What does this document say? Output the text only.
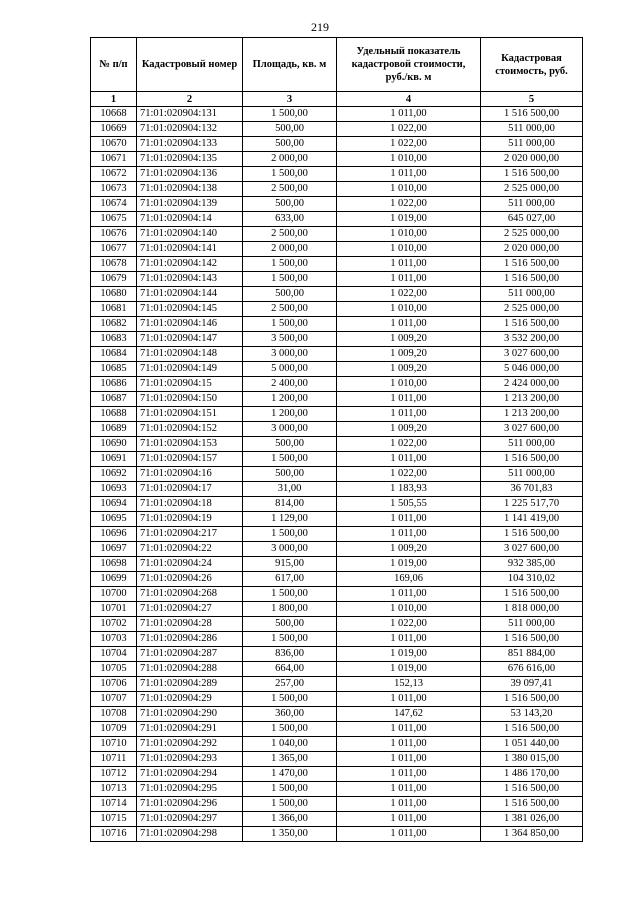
219
№ п/п	Кадастровый номер	Площадь, кв. м	Удельный показатель кадастровой стоимости, руб./кв. м	Кадастровая стоимость, руб.
1	2	3	4	5
10668	71:01:020904:131	1 500,00	1 011,00	1 516 500,00
10669	71:01:020904:132	500,00	1 022,00	511 000,00
10670	71:01:020904:133	500,00	1 022,00	511 000,00
10671	71:01:020904:135	2 000,00	1 010,00	2 020 000,00
10672	71:01:020904:136	1 500,00	1 011,00	1 516 500,00
10673	71:01:020904:138	2 500,00	1 010,00	2 525 000,00
10674	71:01:020904:139	500,00	1 022,00	511 000,00
10675	71:01:020904:14	633,00	1 019,00	645 027,00
10676	71:01:020904:140	2 500,00	1 010,00	2 525 000,00
10677	71:01:020904:141	2 000,00	1 010,00	2 020 000,00
10678	71:01:020904:142	1 500,00	1 011,00	1 516 500,00
10679	71:01:020904:143	1 500,00	1 011,00	1 516 500,00
10680	71:01:020904:144	500,00	1 022,00	511 000,00
10681	71:01:020904:145	2 500,00	1 010,00	2 525 000,00
10682	71:01:020904:146	1 500,00	1 011,00	1 516 500,00
10683	71:01:020904:147	3 500,00	1 009,20	3 532 200,00
10684	71:01:020904:148	3 000,00	1 009,20	3 027 600,00
10685	71:01:020904:149	5 000,00	1 009,20	5 046 000,00
10686	71:01:020904:15	2 400,00	1 010,00	2 424 000,00
10687	71:01:020904:150	1 200,00	1 011,00	1 213 200,00
10688	71:01:020904:151	1 200,00	1 011,00	1 213 200,00
10689	71:01:020904:152	3 000,00	1 009,20	3 027 600,00
10690	71:01:020904:153	500,00	1 022,00	511 000,00
10691	71:01:020904:157	1 500,00	1 011,00	1 516 500,00
10692	71:01:020904:16	500,00	1 022,00	511 000,00
10693	71:01:020904:17	31,00	1 183,93	36 701,83
10694	71:01:020904:18	814,00	1 505,55	1 225 517,70
10695	71:01:020904:19	1 129,00	1 011,00	1 141 419,00
10696	71:01:020904:217	1 500,00	1 011,00	1 516 500,00
10697	71:01:020904:22	3 000,00	1 009,20	3 027 600,00
10698	71:01:020904:24	915,00	1 019,00	932 385,00
10699	71:01:020904:26	617,00	169,06	104 310,02
10700	71:01:020904:268	1 500,00	1 011,00	1 516 500,00
10701	71:01:020904:27	1 800,00	1 010,00	1 818 000,00
10702	71:01:020904:28	500,00	1 022,00	511 000,00
10703	71:01:020904:286	1 500,00	1 011,00	1 516 500,00
10704	71:01:020904:287	836,00	1 019,00	851 884,00
10705	71:01:020904:288	664,00	1 019,00	676 616,00
10706	71:01:020904:289	257,00	152,13	39 097,41
10707	71:01:020904:29	1 500,00	1 011,00	1 516 500,00
10708	71:01:020904:290	360,00	147,62	53 143,20
10709	71:01:020904:291	1 500,00	1 011,00	1 516 500,00
10710	71:01:020904:292	1 040,00	1 011,00	1 051 440,00
10711	71:01:020904:293	1 365,00	1 011,00	1 380 015,00
10712	71:01:020904:294	1 470,00	1 011,00	1 486 170,00
10713	71:01:020904:295	1 500,00	1 011,00	1 516 500,00
10714	71:01:020904:296	1 500,00	1 011,00	1 516 500,00
10715	71:01:020904:297	1 366,00	1 011,00	1 381 026,00
10716	71:01:020904:298	1 350,00	1 011,00	1 364 850,00
